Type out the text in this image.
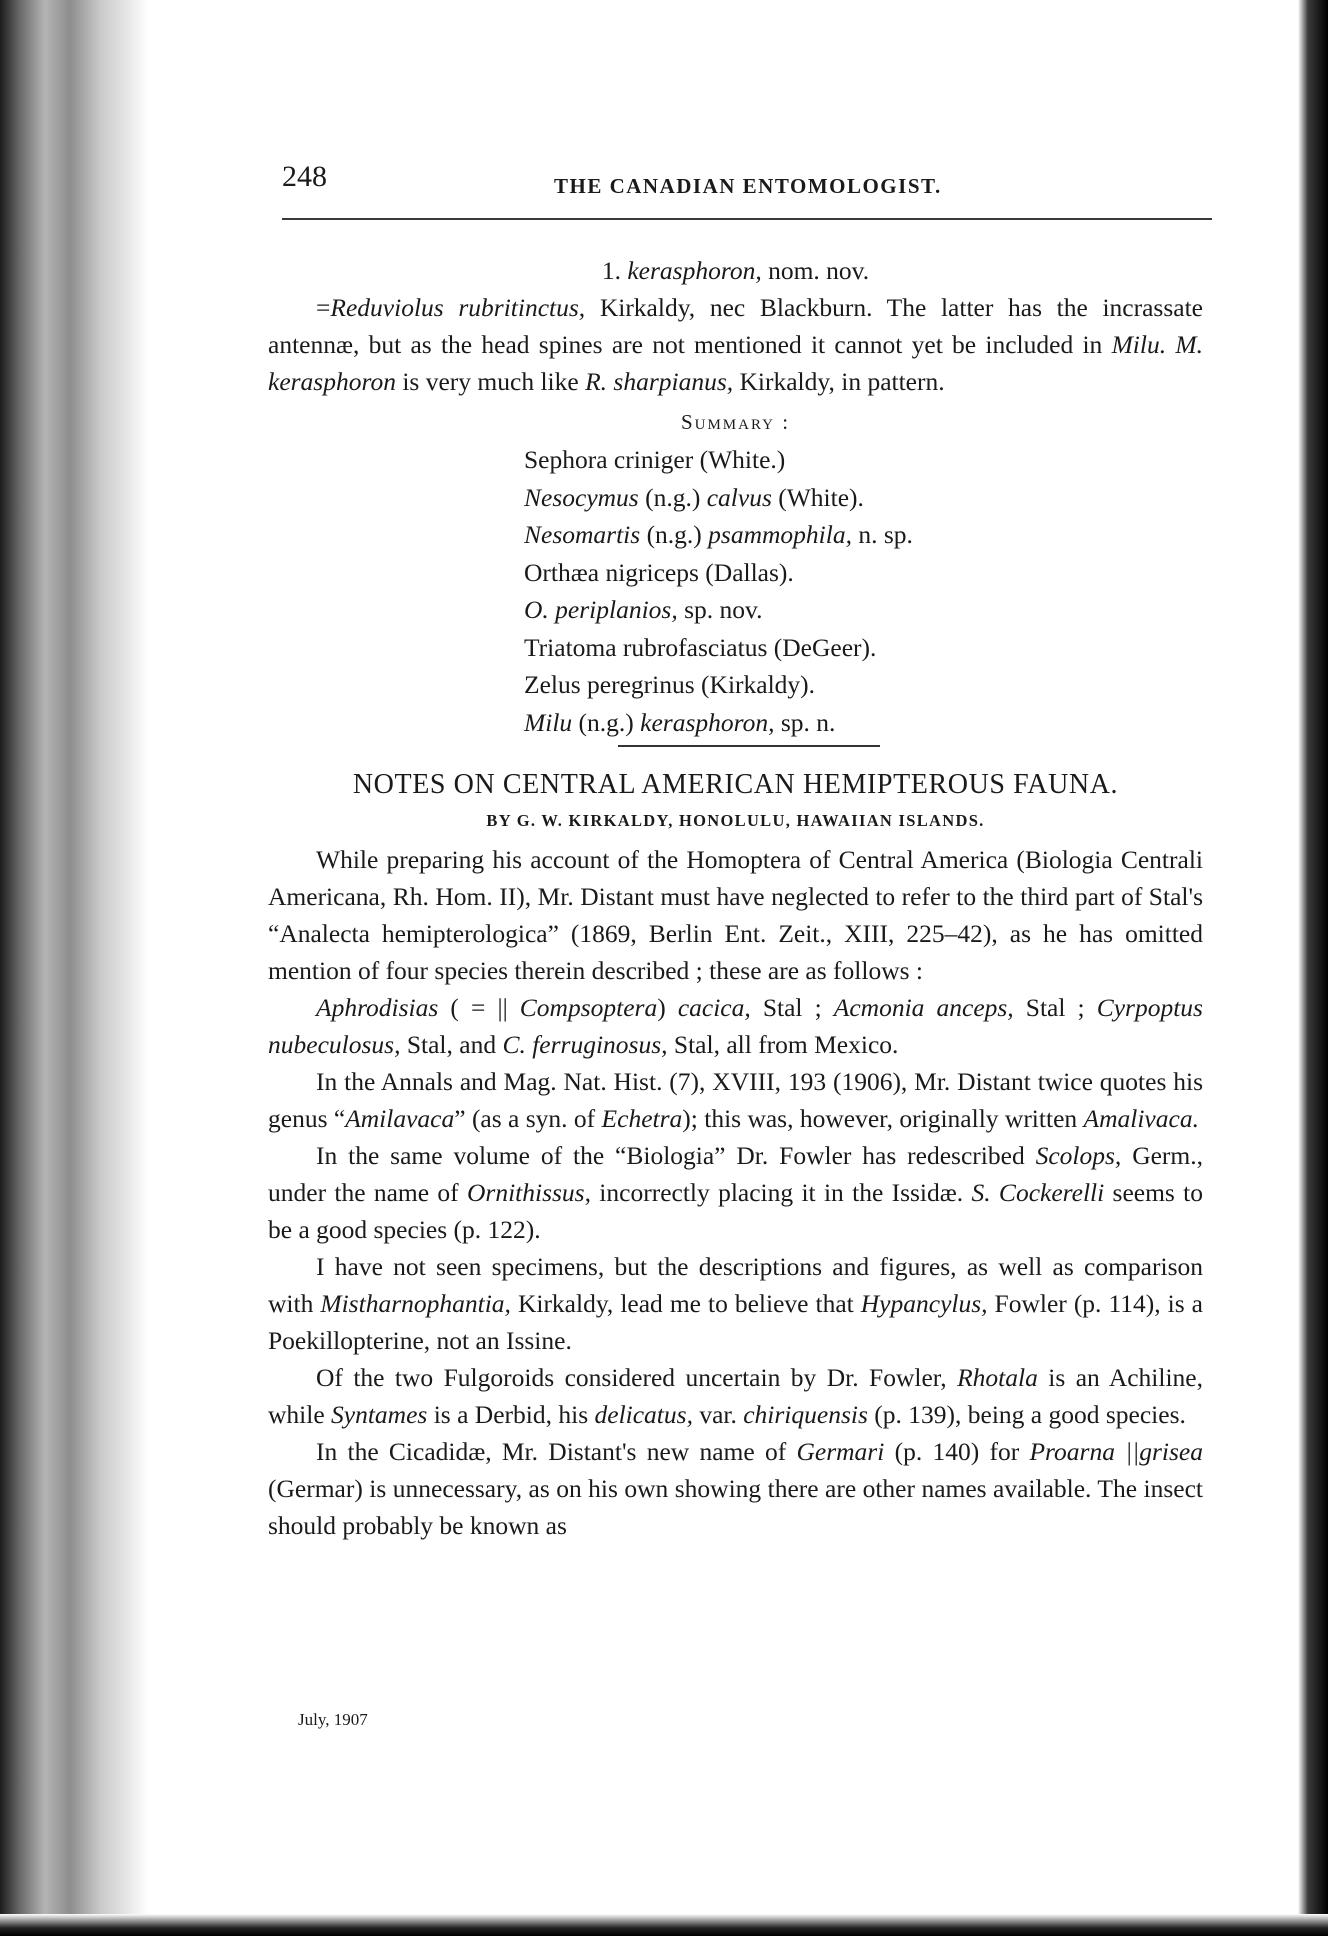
248	THE CANADIAN ENTOMOLOGIST.

1. kerasphoron, nom. nov.

=Reduviolus rubritinctus, Kirkaldy, nec Blackburn. The latter has the incrassate antennæ, but as the head spines are not mentioned it cannot yet be included in Milu. M. kerasphoron is very much like R. sharpianus, Kirkaldy, in pattern.

Summary :

Sephora criniger (White.)
Nesocymus (n.g.) calvus (White).
Nesomartis (n.g.) psammophila, n. sp.
Orthæa nigriceps (Dallas).
O. periplanios, sp. nov.
Triatoma rubrofasciatus (DeGeer).
Zelus peregrinus (Kirkaldy).
Milu (n.g.) kerasphoron, sp. n.

NOTES ON CENTRAL AMERICAN HEMIPTEROUS FAUNA.

BY G. W. KIRKALDY, HONOLULU, HAWAIIAN ISLANDS.

While preparing his account of the Homoptera of Central America (Biologia Centrali Americana, Rh. Hom. II), Mr. Distant must have neglected to refer to the third part of Stal's “Analecta hemipterologica” (1869, Berlin Ent. Zeit., XIII, 225–42), as he has omitted mention of four species therein described ; these are as follows :

Aphrodisias ( = || Compsoptera) cacica, Stal ; Acmonia anceps, Stal ; Cyrpoptus nubeculosus, Stal, and C. ferruginosus, Stal, all from Mexico.

In the Annals and Mag. Nat. Hist. (7), XVIII, 193 (1906), Mr. Distant twice quotes his genus “Amilavaca” (as a syn. of Echetra); this was, however, originally written Amalivaca.

In the same volume of the “Biologia” Dr. Fowler has redescribed Scolops, Germ., under the name of Ornithissus, incorrectly placing it in the Issidæ. S. Cockerelli seems to be a good species (p. 122).

I have not seen specimens, but the descriptions and figures, as well as comparison with Mistharnophantia, Kirkaldy, lead me to believe that Hypancylus, Fowler (p. 114), is a Poekillopterine, not an Issine.

Of the two Fulgoroids considered uncertain by Dr. Fowler, Rhotala is an Achiline, while Syntames is a Derbid, his delicatus, var. chiriquensis (p. 139), being a good species.

In the Cicadidæ, Mr. Distant's new name of Germari (p. 140) for Proarna ||grisea (Germar) is unnecessary, as on his own showing there are other names available. The insect should probably be known as

July, 1907
